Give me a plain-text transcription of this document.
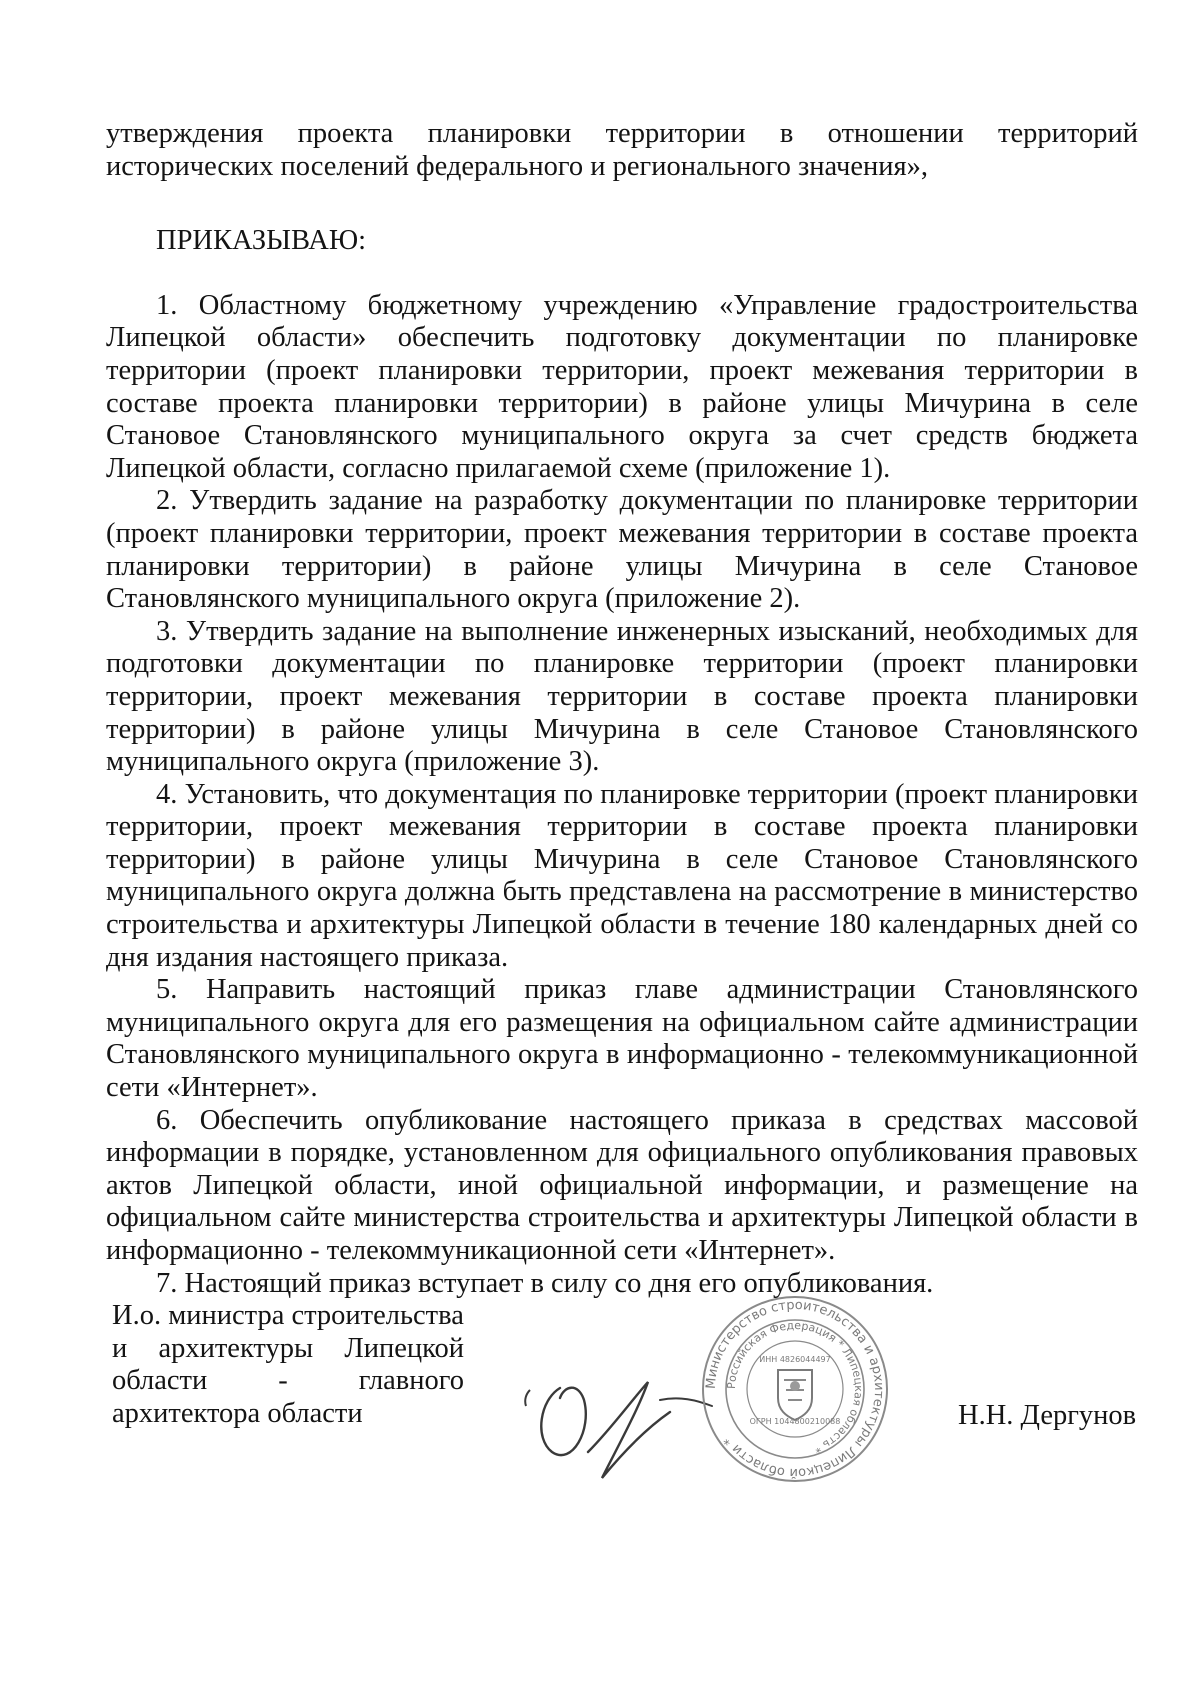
утверждения проекта планировки территории в отношении территорий исторических поселений федерального и регионального значения»,

ПРИКАЗЫВАЮ:

1. Областному бюджетному учреждению «Управление градостроительства Липецкой области» обеспечить подготовку документации по планировке территории (проект планировки территории, проект межевания территории в составе проекта планировки территории) в районе улицы Мичурина в селе Становое Становлянского муниципального округа за счет средств бюджета Липецкой области, согласно прилагаемой схеме (приложение 1).

2. Утвердить задание на разработку документации по планировке территории (проект планировки территории, проект межевания территории в составе проекта планировки территории) в районе улицы Мичурина в селе Становое Становлянского муниципального округа (приложение 2).

3. Утвердить задание на выполнение инженерных изысканий, необходимых для подготовки документации по планировке территории (проект планировки территории, проект межевания территории в составе проекта планировки территории) в районе улицы Мичурина в селе Становое Становлянского муниципального округа (приложение 3).

4. Установить, что документация по планировке территории (проект планировки территории, проект межевания территории в составе проекта планировки территории) в районе улицы Мичурина в селе Становое Становлянского муниципального округа должна быть представлена на рассмотрение в министерство строительства и архитектуры Липецкой области в течение 180 календарных дней со дня издания настоящего приказа.

5. Направить настоящий приказ главе администрации Становлянского муниципального округа для его размещения на официальном сайте администрации Становлянского муниципального округа в информационно - телекоммуникационной сети «Интернет».

6. Обеспечить опубликование настоящего приказа в средствах массовой информации в порядке, установленном для официального опубликования правовых актов Липецкой области, иной официальной информации, и размещение на официальном сайте министерства строительства и архитектуры Липецкой области в информационно - телекоммуникационной сети «Интернет».

7. Настоящий приказ вступает в силу со дня его опубликования.

И.о. министра строительства
и архитектуры Липецкой
области - главного
архитектора области
Министерство строительства и архитектуры Липецкой области *
Российская Федерация * Липецкая область *
ИНН 4826044497
ОГРН 1044800210088	Н.Н. Дергунов
